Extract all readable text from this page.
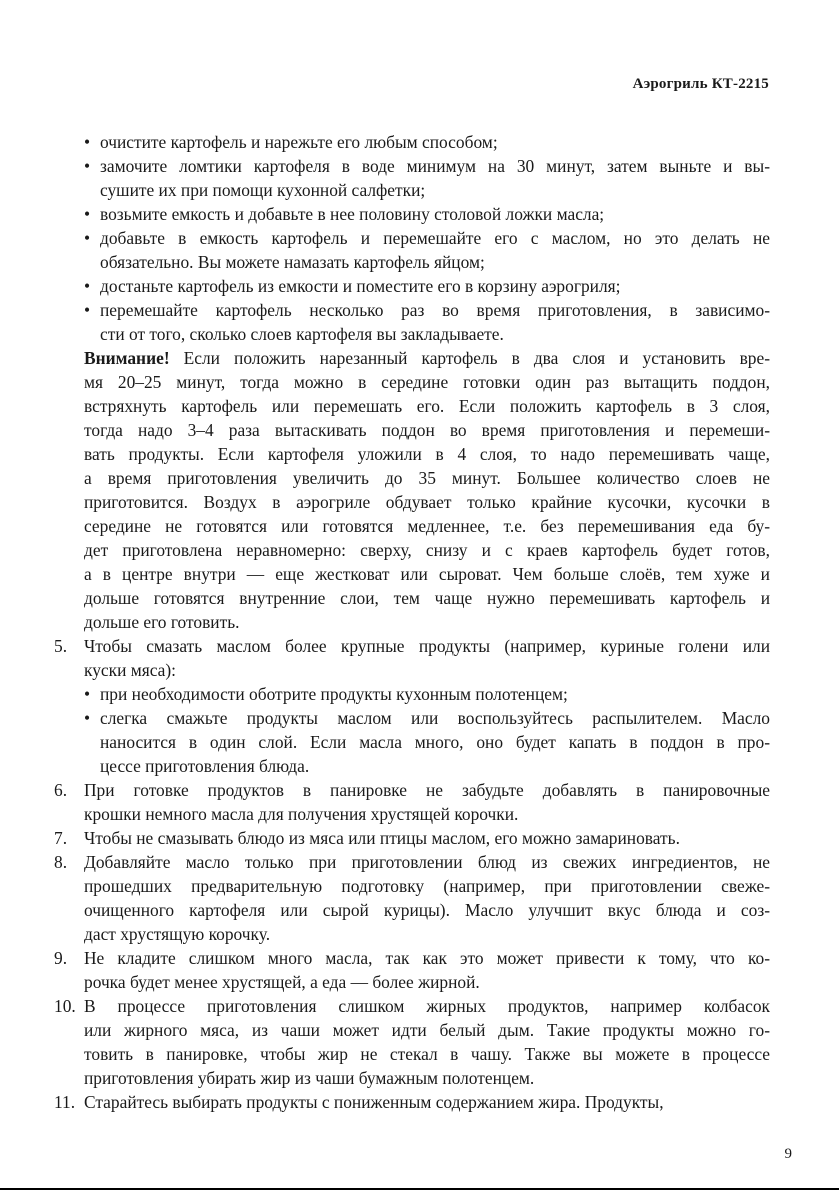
Аэрогриль КТ-2215
• очистите картофель и нарежьте его любым способом;
• замочите ломтики картофеля в воде минимум на 30 минут, затем выньте и вы-
сушите их при помощи кухонной салфетки;
• возьмите емкость и добавьте в нее половину столовой ложки масла;
• добавьте в емкость картофель и перемешайте его с маслом, но это делать не
обязательно. Вы можете намазать картофель яйцом;
• достаньте картофель из емкости и поместите его в корзину аэрогриля;
• перемешайте картофель несколько раз во время приготовления, в зависимо-
сти от того, сколько слоев картофеля вы закладываете.
Внимание! Если положить нарезанный картофель в два слоя и установить вре-
мя 20–25 минут, тогда можно в середине готовки один раз вытащить поддон,
встряхнуть картофель или перемешать его. Если положить картофель в 3 слоя,
тогда надо 3–4 раза вытаскивать поддон во время приготовления и перемеши-
вать продукты. Если картофеля уложили в 4 слоя, то надо перемешивать чаще,
а время приготовления увеличить до 35 минут. Большее количество слоев не
приготовится. Воздух в аэрогриле обдувает только крайние кусочки, кусочки в
середине не готовятся или готовятся медленнее, т.е. без перемешивания еда бу-
дет приготовлена неравномерно: сверху, снизу и с краев картофель будет готов,
а в центре внутри — еще жестковат или сыроват. Чем больше слоёв, тем хуже и
дольше готовятся внутренние слои, тем чаще нужно перемешивать картофель и
дольше его готовить.
5. Чтобы смазать маслом более крупные продукты (например, куриные голени или
куски мяса):
• при необходимости оботрите продукты кухонным полотенцем;
• слегка смажьте продукты маслом или воспользуйтесь распылителем. Масло
наносится в один слой. Если масла много, оно будет капать в поддон в про-
цессе приготовления блюда.
6. При готовке продуктов в панировке не забудьте добавлять в панировочные
крошки немного масла для получения хрустящей корочки.
7. Чтобы не смазывать блюдо из мяса или птицы маслом, его можно замариновать.
8. Добавляйте масло только при приготовлении блюд из свежих ингредиентов, не
прошедших предварительную подготовку (например, при приготовлении свеже-
очищенного картофеля или сырой курицы). Масло улучшит вкус блюда и соз-
даст хрустящую корочку.
9. Не кладите слишком много масла, так как это может привести к тому, что ко-
рочка будет менее хрустящей, а еда — более жирной.
10. В процессе приготовления слишком жирных продуктов, например колбасок
или жирного мяса, из чаши может идти белый дым. Такие продукты можно го-
товить в панировке, чтобы жир не стекал в чашу. Также вы можете в процессе
приготовления убирать жир из чаши бумажным полотенцем.
11. Старайтесь выбирать продукты с пониженным содержанием жира. Продукты,
9
